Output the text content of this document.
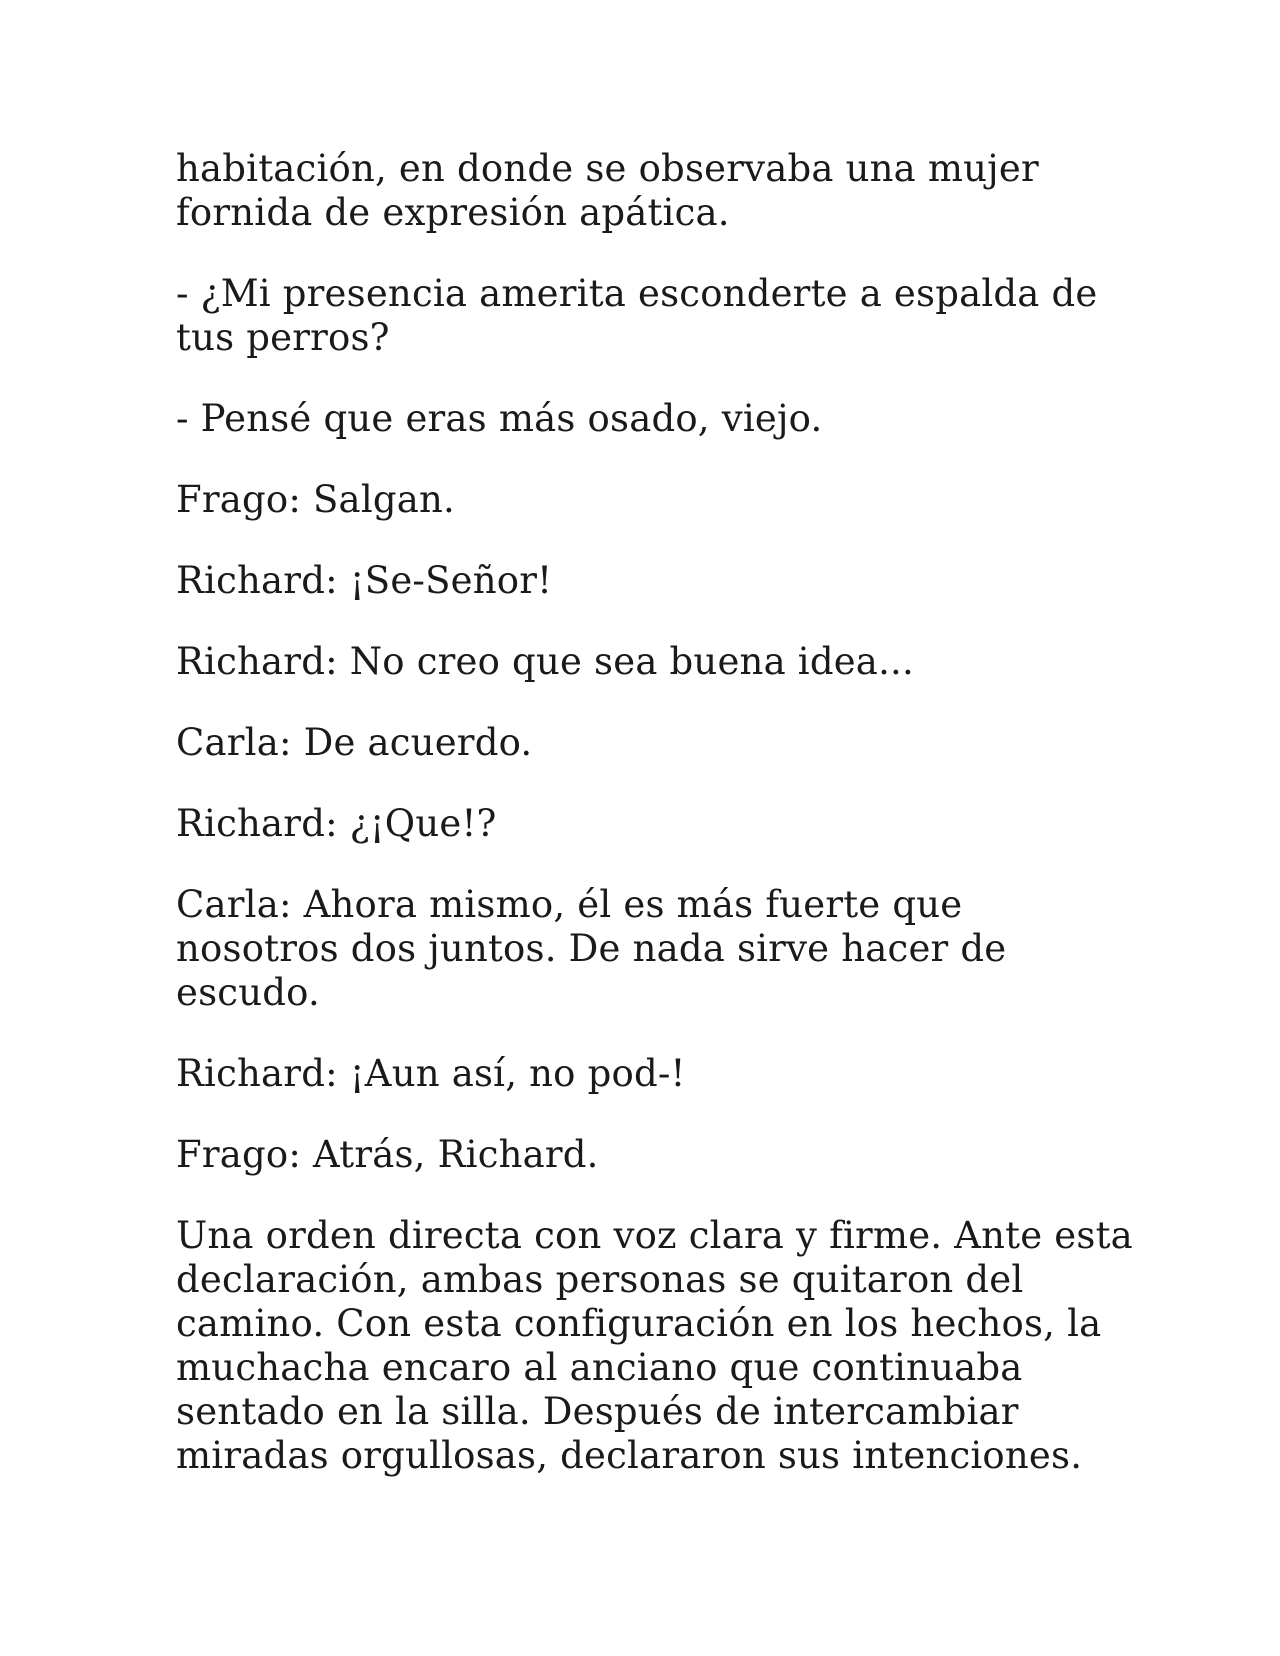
habitación, en donde se observaba una mujer
fornida de expresión apática.

- ¿Mi presencia amerita esconderte a espalda de
tus perros?

- Pensé que eras más osado, viejo.

Frago: Salgan.

Richard: ¡Se-Señor!

Richard: No creo que sea buena idea...

Carla: De acuerdo.

Richard: ¿¡Que!?

Carla: Ahora mismo, él es más fuerte que
nosotros dos juntos. De nada sirve hacer de
escudo.

Richard: ¡Aun así, no pod-!

Frago: Atrás, Richard.

Una orden directa con voz clara y firme. Ante esta
declaración, ambas personas se quitaron del
camino. Con esta configuración en los hechos, la
muchacha encaro al anciano que continuaba
sentado en la silla. Después de intercambiar
miradas orgullosas, declararon sus intenciones.
